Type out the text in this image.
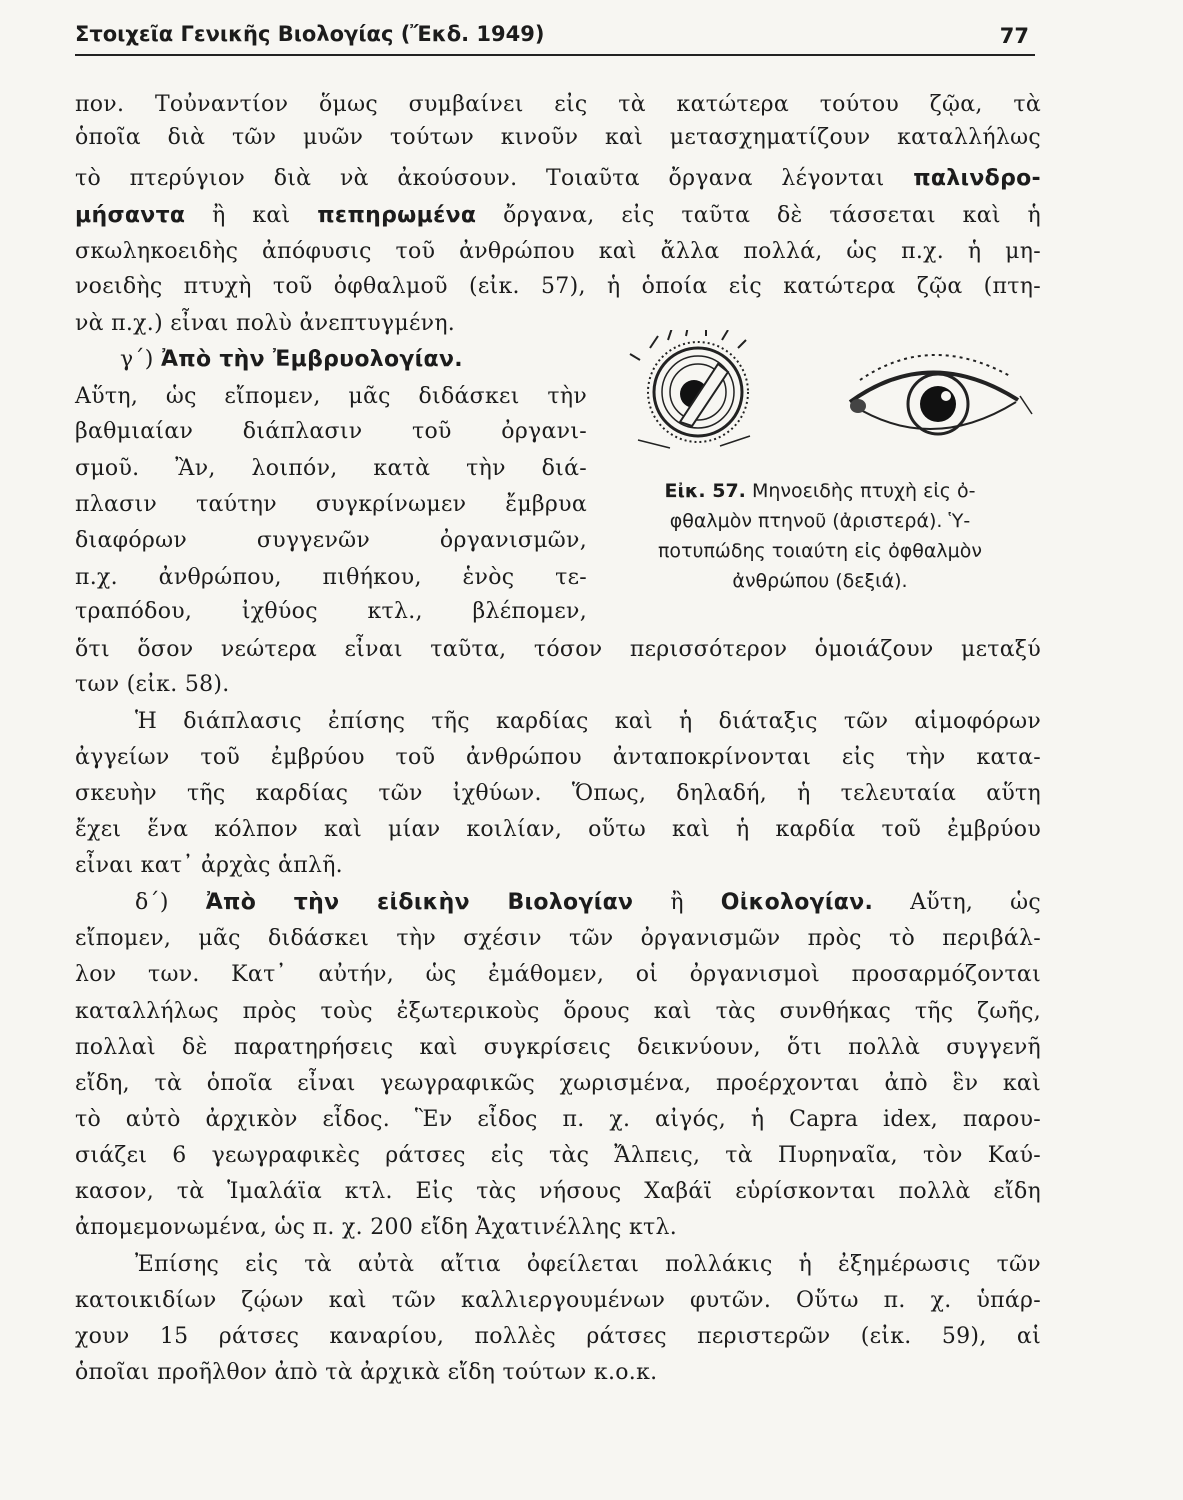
Στοιχεῖα Γενικῆς Βιολογίας (Ἔκδ. 1949)	77
πον. Τοὐναντίον ὅμως συμβαίνει εἰς τὰ κατώτερα τούτου ζῷα, τὰ
ὁποῖα διὰ τῶν μυῶν τούτων κινοῦν καὶ μετασχηματίζουν καταλλήλως
τὸ πτερύγιον διὰ νὰ ἀκούσουν. Τοιαῦτα ὄργανα λέγονται παλινδρο-
μήσαντα ἢ καὶ πεπηρωμένα ὄργανα, εἰς ταῦτα δὲ τάσσεται καὶ ἡ
σκωληκοειδὴς ἀπόφυσις τοῦ ἀνθρώπου καὶ ἄλλα πολλά, ὡς π.χ. ἡ μη-
νοειδὴς πτυχὴ τοῦ ὀφθαλμοῦ (εἰκ. 57), ἡ ὁποία εἰς κατώτερα ζῷα (πτη-
νὰ π.χ.) εἶναι πολὺ ἀνεπτυγμένη.
γ΄) Ἀπὸ τὴν Ἐμβρυολογίαν.
Αὕτη, ὡς εἴπομεν, μᾶς διδάσκει τὴν
βαθμιαίαν διάπλασιν τοῦ ὀργανι-
σμοῦ. Ἂν, λοιπόν, κατὰ τὴν διά-
πλασιν ταύτην συγκρίνωμεν ἔμβρυα
διαφόρων συγγενῶν ὀργανισμῶν,
π.χ. ἀνθρώπου, πιθήκου, ἑνὸς τε-
τραπόδου, ἰχθύος κτλ., βλέπομεν,
ὅτι ὅσον νεώτερα εἶναι ταῦτα, τόσον περισσότερον ὁμοιάζουν μεταξύ
των (εἰκ. 58).
Ἡ διάπλασις ἐπίσης τῆς καρδίας καὶ ἡ διάταξις τῶν αἱμοφόρων
ἀγγείων τοῦ ἐμβρύου τοῦ ἀνθρώπου ἀνταποκρίνονται εἰς τὴν κατα-
σκευὴν τῆς καρδίας τῶν ἰχθύων. Ὅπως, δηλαδή, ἡ τελευταία αὕτη
ἔχει ἕνα κόλπον καὶ μίαν κοιλίαν, οὕτω καὶ ἡ καρδία τοῦ ἐμβρύου
εἶναι κατ᾿ ἀρχὰς ἁπλῆ.
δ΄) Ἀπὸ τὴν εἰδικὴν Βιολογίαν ἢ Οἰκολογίαν. Αὕτη, ὡς
εἴπομεν, μᾶς διδάσκει τὴν σχέσιν τῶν ὀργανισμῶν πρὸς τὸ περιβάλ-
λον των. Κατ᾿ αὐτήν, ὡς ἐμάθομεν, οἱ ὀργανισμοὶ προσαρμόζονται
καταλλήλως πρὸς τοὺς ἐξωτερικοὺς ὅρους καὶ τὰς συνθήκας τῆς ζωῆς,
πολλαὶ δὲ παρατηρήσεις καὶ συγκρίσεις δεικνύουν, ὅτι πολλὰ συγγενῆ
εἴδη, τὰ ὁποῖα εἶναι γεωγραφικῶς χωρισμένα, προέρχονται ἀπὸ ἓν καὶ
τὸ αὐτὸ ἀρχικὸν εἶδος. Ἓν εἶδος π. χ. αἰγός, ἡ Capra idex, παρου-
σιάζει 6 γεωγραφικὲς ράτσες εἰς τὰς Ἄλπεις, τὰ Πυρηναῖα, τὸν Καύ-
κασον, τὰ Ἱμαλάϊα κτλ. Εἰς τὰς νήσους Χαβάϊ εὑρίσκονται πολλὰ εἴδη
ἀπομεμονωμένα, ὡς π. χ. 200 εἴδη Ἀχατινέλλης κτλ.
Ἐπίσης εἰς τὰ αὐτὰ αἴτια ὀφείλεται πολλάκις ἡ ἐξημέρωσις τῶν
κατοικιδίων ζῴων καὶ τῶν καλλιεργουμένων φυτῶν. Οὕτω π. χ. ὑπάρ-
χουν 15 ράτσες καναρίου, πολλὲς ράτσες περιστερῶν (εἰκ. 59), αἱ
ὁποῖαι προῆλθον ἀπὸ τὰ ἀρχικὰ εἴδη τούτων κ.ο.κ.
Εἰκ. 57. Μηνοειδὴς πτυχὴ εἰς ὀ-
φθαλμὸν πτηνοῦ (ἀριστερά). Ὑ-
ποτυπώδης τοιαύτη εἰς ὀφθαλμὸν
ἀνθρώπου (δεξιά).
